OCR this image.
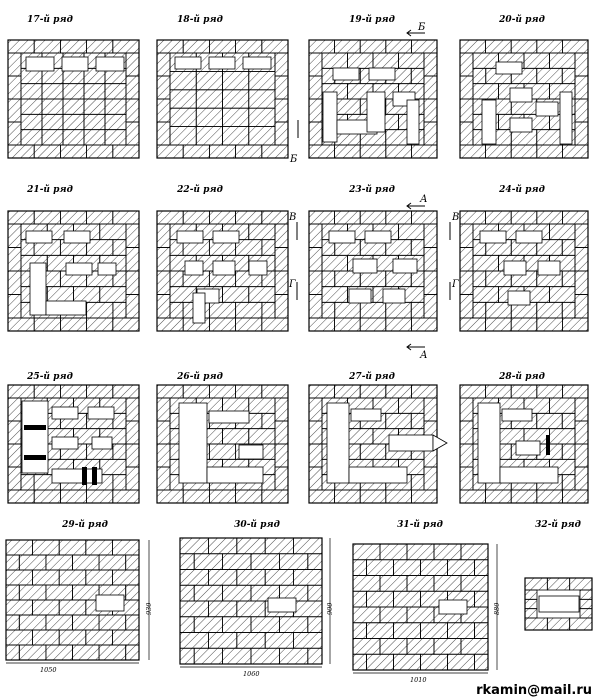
17-й ряд	18-й ряд	19-й ряд	20-й ряд
21-й ряд	22-й ряд	23-й ряд	24-й ряд
25-й ряд	26-й ряд	27-й ряд	28-й ряд
29-й ряд	30-й ряд	31-й ряд	32-й ряд
Б
Б
А
А
В
Г
В
Г
1050
930
1060
900
1010
880
rkamin@mail.ru
